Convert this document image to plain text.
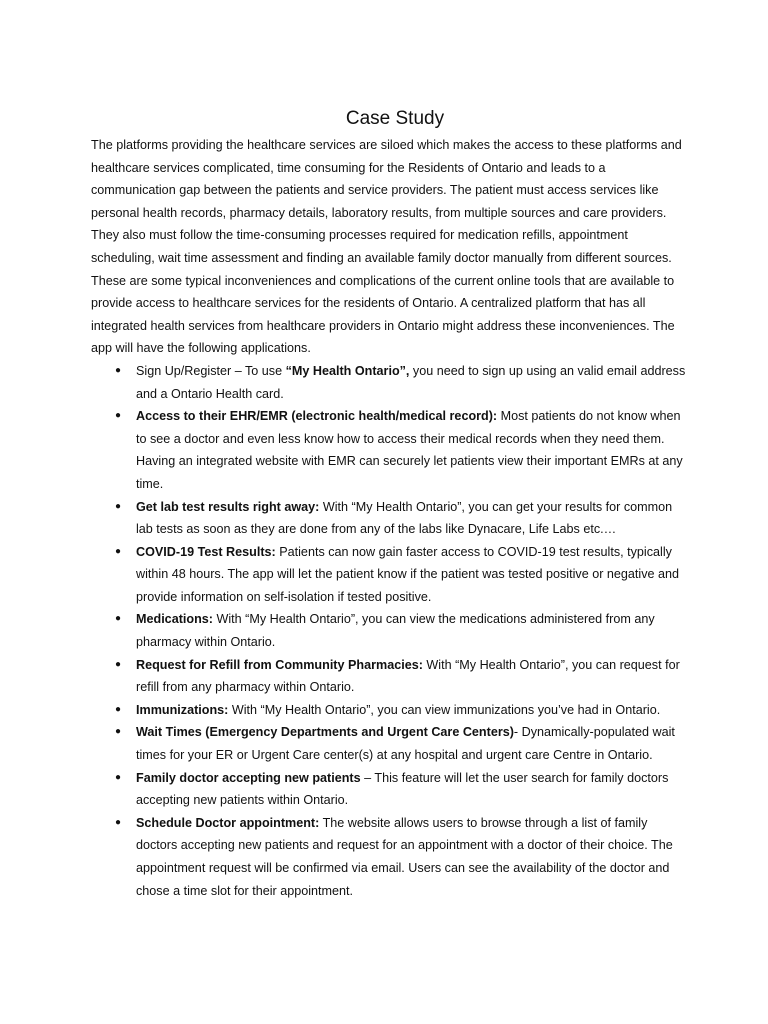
Case Study

The platforms providing the healthcare services are siloed which makes the access to these platforms and healthcare services complicated, time consuming for the Residents of Ontario and leads to a communication gap between the patients and service providers. The patient must access services like personal health records, pharmacy details, laboratory results, from multiple sources and care providers. They also must follow the time-consuming processes required for medication refills, appointment scheduling, wait time assessment and finding an available family doctor manually from different sources. These are some typical inconveniences and complications of the current online tools that are available to provide access to healthcare services for the residents of Ontario. A centralized platform that has all integrated health services from healthcare providers in Ontario might address these inconveniences. The app will have the following applications.

● Sign Up/Register – To use “My Health Ontario”, you need to sign up using an valid email address and a Ontario Health card.
● Access to their EHR/EMR (electronic health/medical record): Most patients do not know when to see a doctor and even less know how to access their medical records when they need them. Having an integrated website with EMR can securely let patients view their important EMRs at any time.
● Get lab test results right away: With “My Health Ontario”, you can get your results for common lab tests as soon as they are done from any of the labs like Dynacare, Life Labs etc.…
● COVID-19 Test Results: Patients can now gain faster access to COVID-19 test results, typically within 48 hours. The app will let the patient know if the patient was tested positive or negative and provide information on self-isolation if tested positive.
● Medications: With “My Health Ontario”, you can view the medications administered from any pharmacy within Ontario.
● Request for Refill from Community Pharmacies: With “My Health Ontario”, you can request for refill from any pharmacy within Ontario.
● Immunizations: With “My Health Ontario”, you can view immunizations you’ve had in Ontario.
● Wait Times (Emergency Departments and Urgent Care Centers)- Dynamically-populated wait times for your ER or Urgent Care center(s) at any hospital and urgent care Centre in Ontario.
● Family doctor accepting new patients – This feature will let the user search for family doctors accepting new patients within Ontario.
● Schedule Doctor appointment: The website allows users to browse through a list of family doctors accepting new patients and request for an appointment with a doctor of their choice. The appointment request will be confirmed via email. Users can see the availability of the doctor and chose a time slot for their appointment.
